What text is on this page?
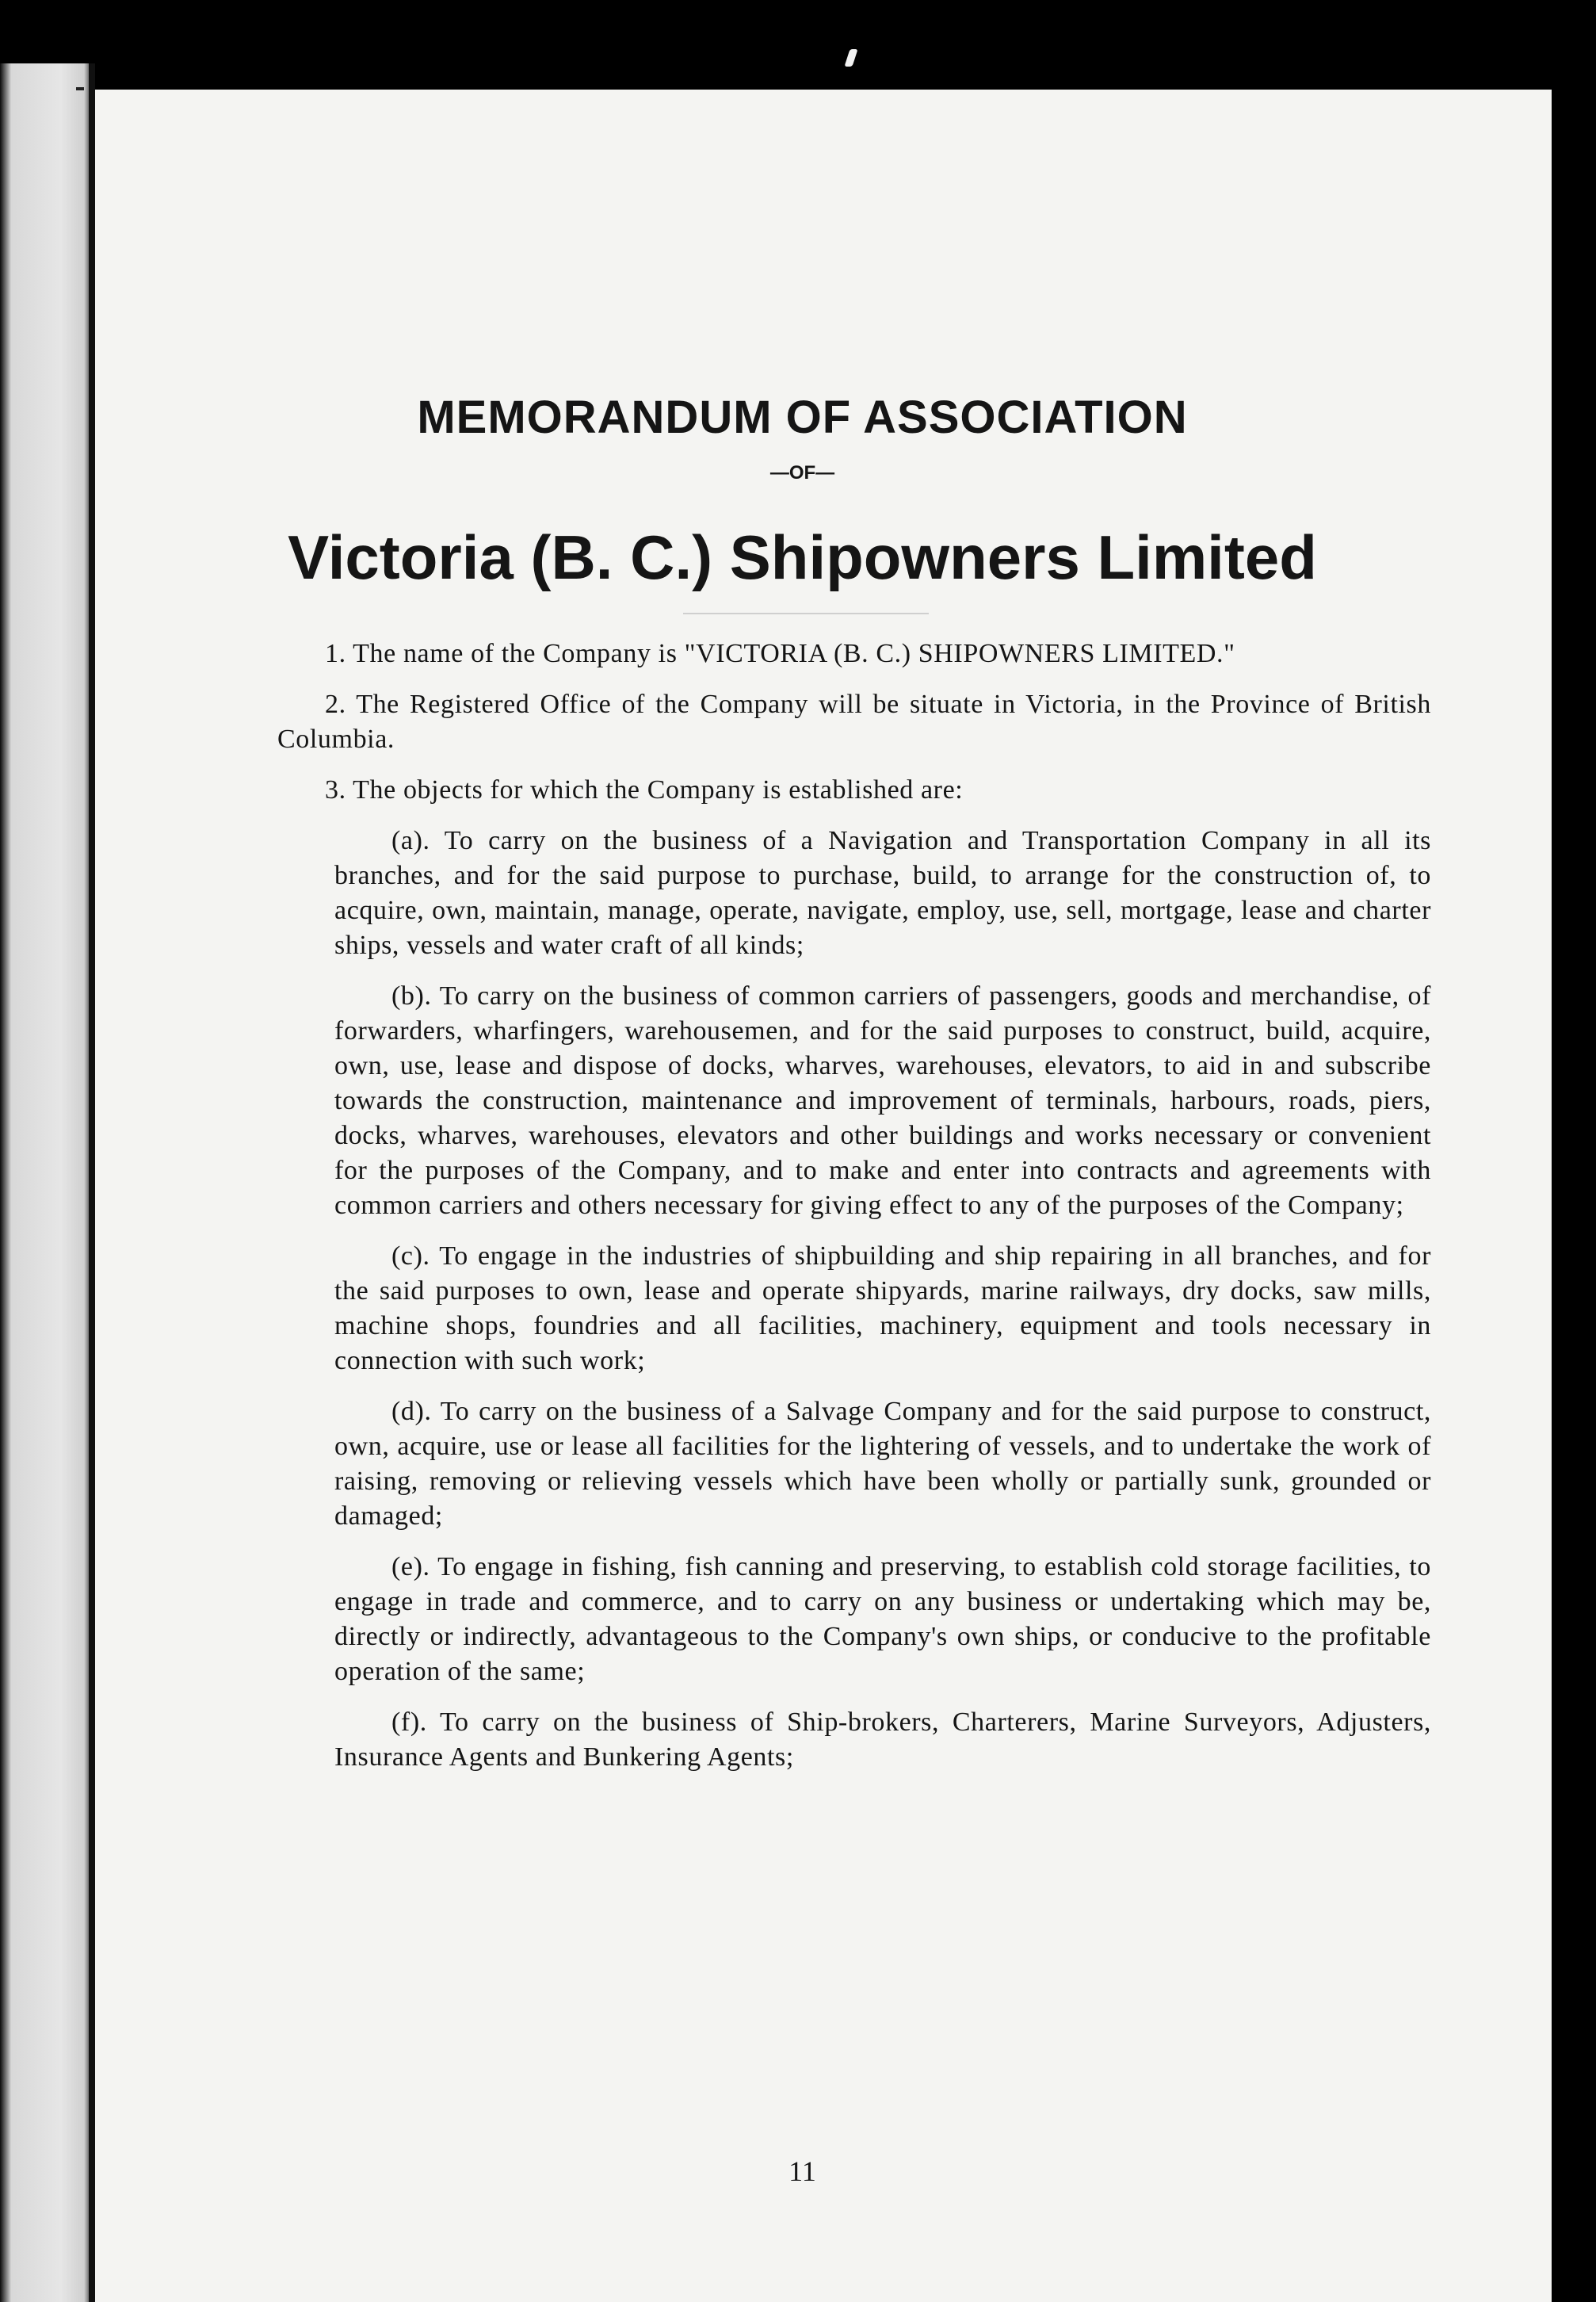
MEMORANDUM OF ASSOCIATION
—OF—
Victoria (B. C.) Shipowners Limited

1. The name of the Company is "VICTORIA (B. C.) SHIPOWNERS LIMITED."

2. The Registered Office of the Company will be situate in Victoria, in the Province of British Columbia.

3. The objects for which the Company is established are:

(a). To carry on the business of a Navigation and Transportation Company in all its branches, and for the said purpose to purchase, build, to arrange for the construction of, to acquire, own, maintain, manage, operate, navigate, employ, use, sell, mortgage, lease and charter ships, vessels and water craft of all kinds;

(b). To carry on the business of common carriers of passengers, goods and merchandise, of forwarders, wharfingers, warehousemen, and for the said purposes to construct, build, acquire, own, use, lease and dispose of docks, wharves, warehouses, elevators, to aid in and subscribe towards the construction, maintenance and improvement of terminals, harbours, roads, piers, docks, wharves, warehouses, elevators and other buildings and works necessary or convenient for the purposes of the Company, and to make and enter into contracts and agreements with common carriers and others necessary for giving effect to any of the purposes of the Company;

(c). To engage in the industries of shipbuilding and ship repairing in all branches, and for the said purposes to own, lease and operate shipyards, marine railways, dry docks, saw mills, machine shops, foundries and all facilities, machinery, equipment and tools necessary in connection with such work;

(d). To carry on the business of a Salvage Company and for the said purpose to construct, own, acquire, use or lease all facilities for the lightering of vessels, and to undertake the work of raising, removing or relieving vessels which have been wholly or partially sunk, grounded or damaged;

(e). To engage in fishing, fish canning and preserving, to establish cold storage facilities, to engage in trade and commerce, and to carry on any business or undertaking which may be, directly or indirectly, advantageous to the Company's own ships, or conducive to the profitable operation of the same;

(f). To carry on the business of Ship-brokers, Charterers, Marine Surveyors, Adjusters, Insurance Agents and Bunkering Agents;

11
